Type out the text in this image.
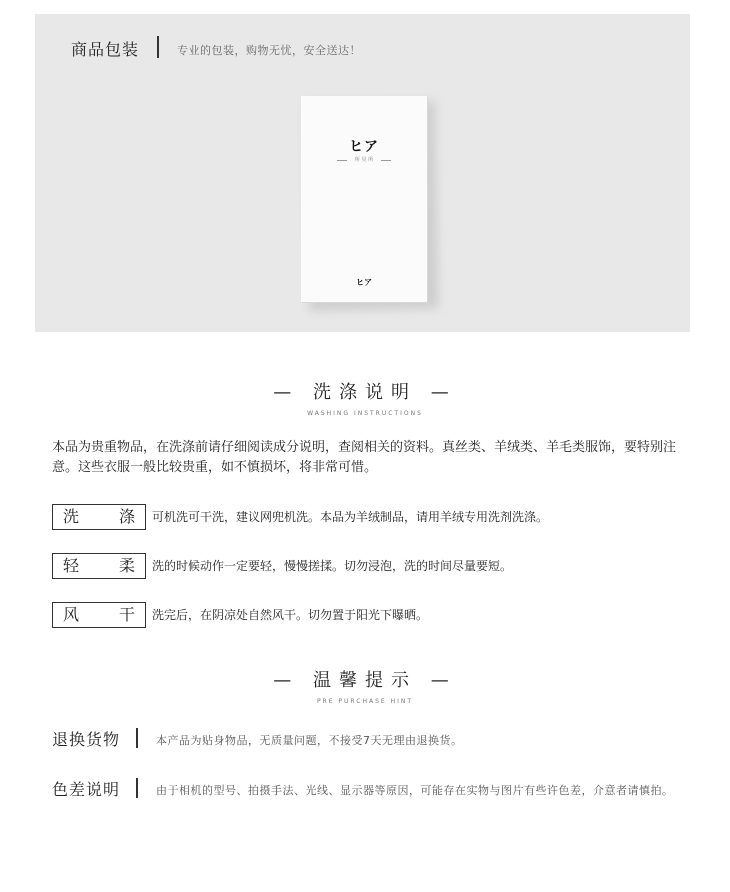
商品包装	专业的包装，购物无忧，安全送达！
ヒア
所 見 所
ヒア
— 洗涤说明 —
WASHING INSTRUCTIONS
本品为贵重物品，在洗涤前请仔细阅读成分说明，查阅相关的资料。真丝类、羊绒类、羊毛类服饰，要特别注意。这些衣服一般比较贵重，如不慎损坏，将非常可惜。
洗 涤 可机洗可干洗，建议网兜机洗。本品为羊绒制品，请用羊绒专用洗剂洗涤。
轻 柔 洗的时候动作一定要轻，慢慢搓揉。切勿浸泡，洗的时间尽量要短。
风 干 洗完后，在阴凉处自然风干。切勿置于阳光下曝晒。
— 温馨提示 —
PRE PURCHASE HINT
退换货物	本产品为贴身物品，无质量问题，不接受7天无理由退换货。
色差说明	由于相机的型号、拍摄手法、光线、显示器等原因，可能存在实物与图片有些许色差，介意者请慎拍。
